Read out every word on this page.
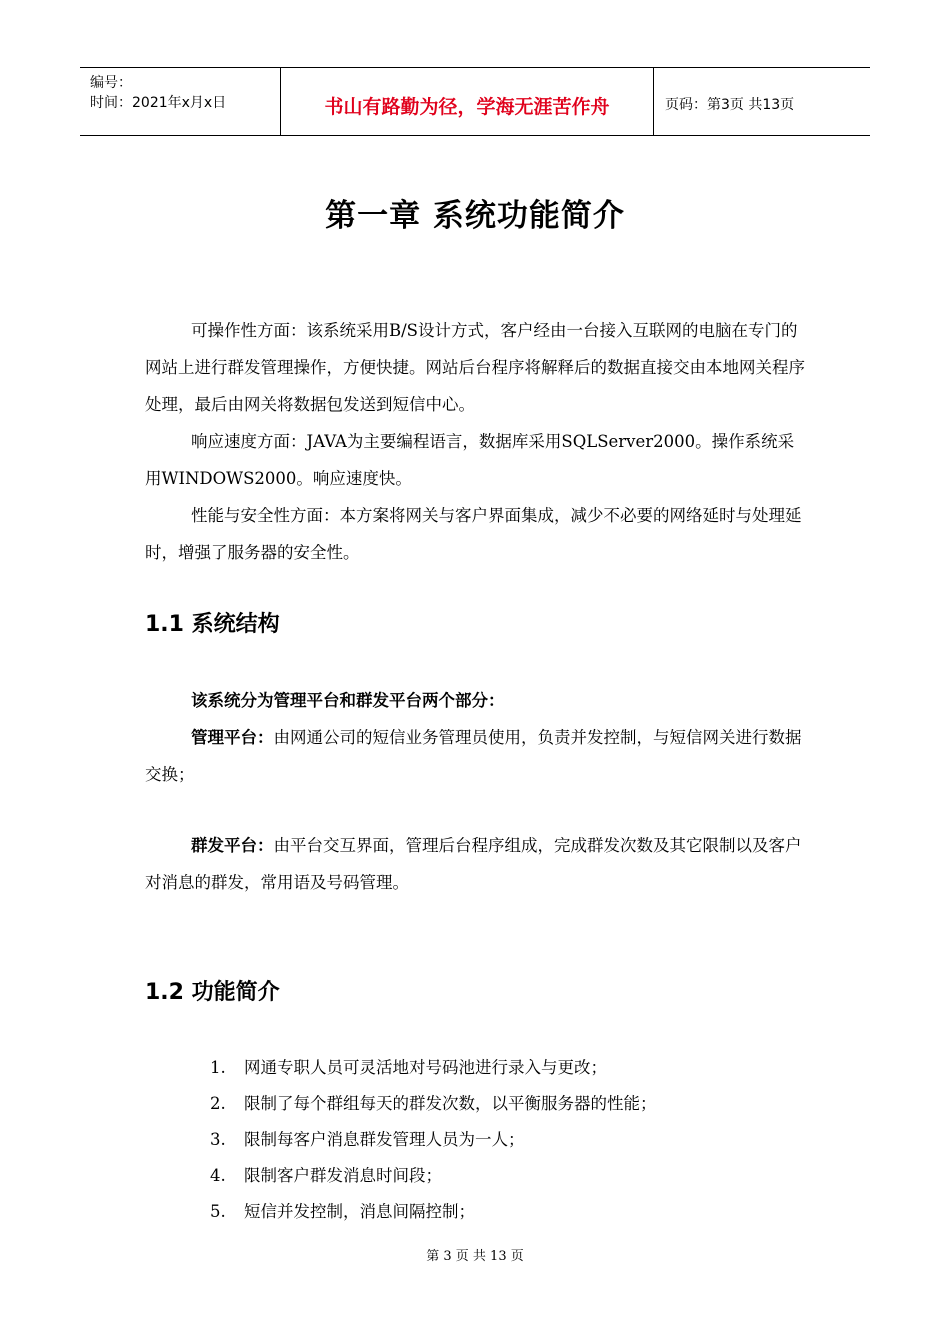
编号：
时间：2021年x月x日	书山有路勤为径，学海无涯苦作舟	页码：第3页 共13页
第一章 系统功能简介
可操作性方面：该系统采用B/S设计方式，客户经由一台接入互联网的电脑在专门的网站上进行群发管理操作，方便快捷。网站后台程序将解释后的数据直接交由本地网关程序处理，最后由网关将数据包发送到短信中心。
响应速度方面：JAVA为主要编程语言，数据库采用SQLServer2000。操作系统采用WINDOWS2000。响应速度快。
性能与安全性方面：本方案将网关与客户界面集成，减少不必要的网络延时与处理延时，增强了服务器的安全性。
1.1 系统结构
该系统分为管理平台和群发平台两个部分：
管理平台：由网通公司的短信业务管理员使用，负责并发控制，与短信网关进行数据交换；
群发平台：由平台交互界面，管理后台程序组成，完成群发次数及其它限制以及客户对消息的群发，常用语及号码管理。
1.2 功能简介
1. 网通专职人员可灵活地对号码池进行录入与更改；
2. 限制了每个群组每天的群发次数，以平衡服务器的性能；
3. 限制每客户消息群发管理人员为一人；
4. 限制客户群发消息时间段；
5. 短信并发控制，消息间隔控制；
第 3 页 共 13 页
